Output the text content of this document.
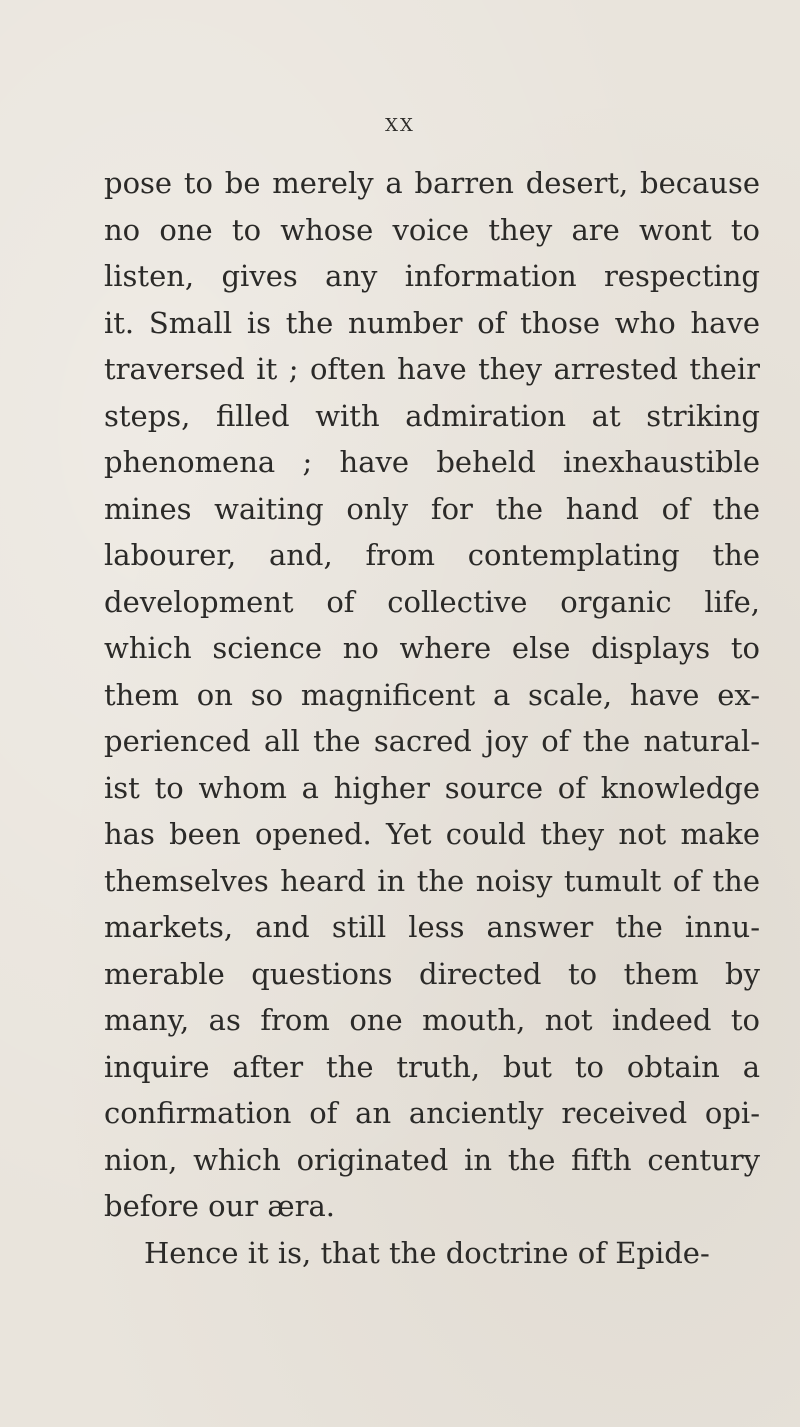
xx
pose to be merely a barren desert, because
no one to whose voice they are wont to
listen, gives any information respecting
it. Small is the number of those who have
traversed it ; often have they arrested their
steps, filled with admiration at striking
phenomena ; have beheld inexhaustible
mines waiting only for the hand of the
labourer, and, from contemplating the
development of collective organic life,
which science no where else displays to
them on so magnificent a scale, have ex-
perienced all the sacred joy of the natural-
ist to whom a higher source of knowledge
has been opened. Yet could they not make
themselves heard in the noisy tumult of the
markets, and still less answer the innu-
merable questions directed to them by
many, as from one mouth, not indeed to
inquire after the truth, but to obtain a
confirmation of an anciently received opi-
nion, which originated in the fifth century
before our æra.
Hence it is, that the doctrine of Epide-
